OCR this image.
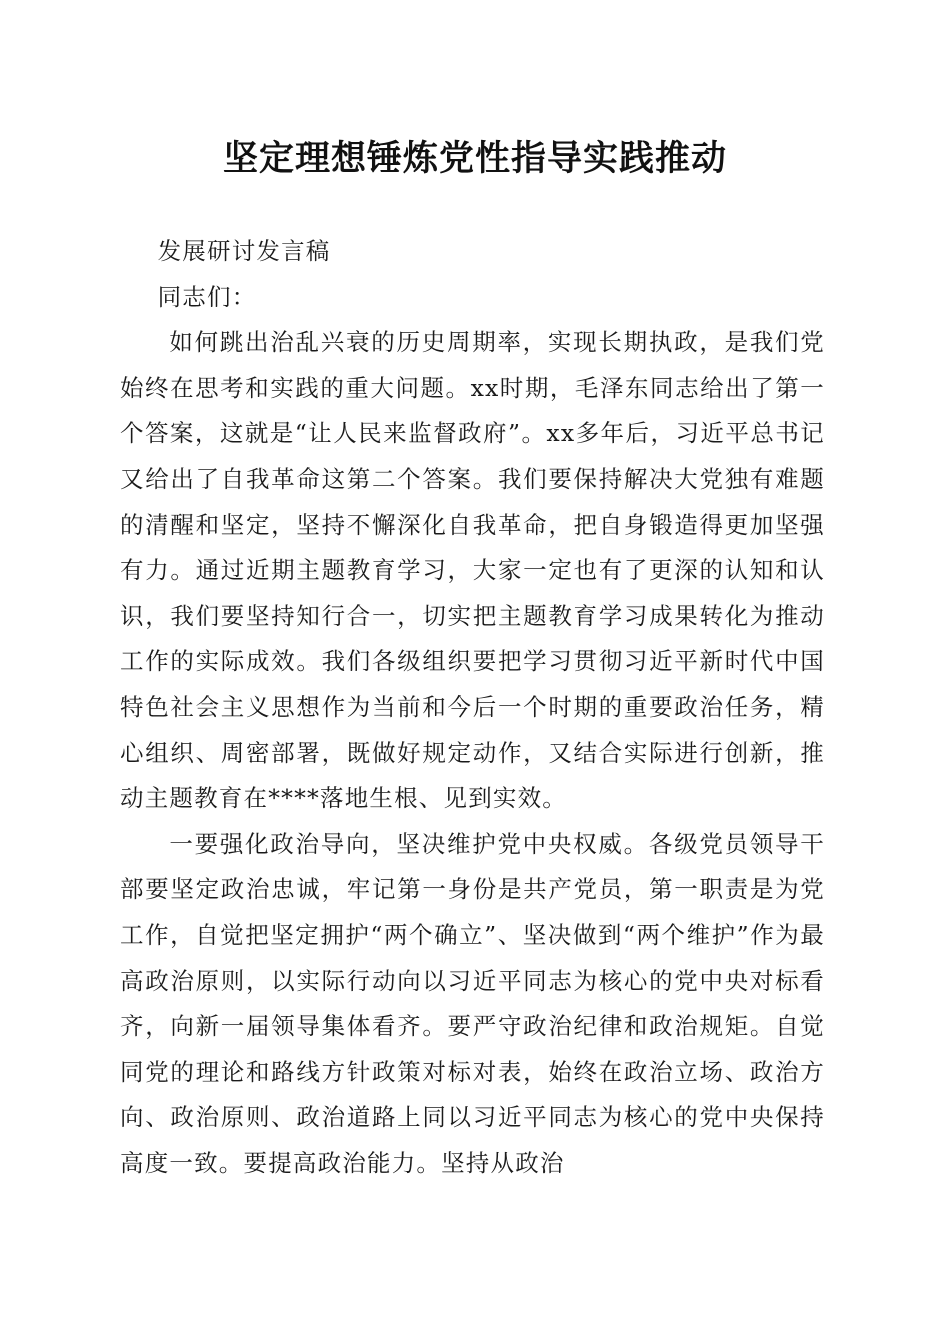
坚定理想锤炼党性指导实践推动

发展研讨发言稿

同志们：

如何跳出治乱兴衰的历史周期率，实现长期执政，是我们党始终在思考和实践的重大问题。xx时期，毛泽东同志给出了第一个答案，这就是“让人民来监督政府”。xx多年后，习近平总书记又给出了自我革命这第二个答案。我们要保持解决大党独有难题的清醒和坚定，坚持不懈深化自我革命，把自身锻造得更加坚强有力。通过近期主题教育学习，大家一定也有了更深的认知和认识，我们要坚持知行合一，切实把主题教育学习成果转化为推动工作的实际成效。我们各级组织要把学习贯彻习近平新时代中国特色社会主义思想作为当前和今后一个时期的重要政治任务，精心组织、周密部署，既做好规定动作，又结合实际进行创新，推动主题教育在****落地生根、见到实效。

一要强化政治导向，坚决维护党中央权威。各级党员领导干部要坚定政治忠诚，牢记第一身份是共产党员，第一职责是为党工作，自觉把坚定拥护“两个确立”、坚决做到“两个维护”作为最高政治原则，以实际行动向以习近平同志为核心的党中央对标看齐，向新一届领导集体看齐。要严守政治纪律和政治规矩。自觉同党的理论和路线方针政策对标对表，始终在政治立场、政治方向、政治原则、政治道路上同以习近平同志为核心的党中央保持高度一致。要提高政治能力。坚持从政治
